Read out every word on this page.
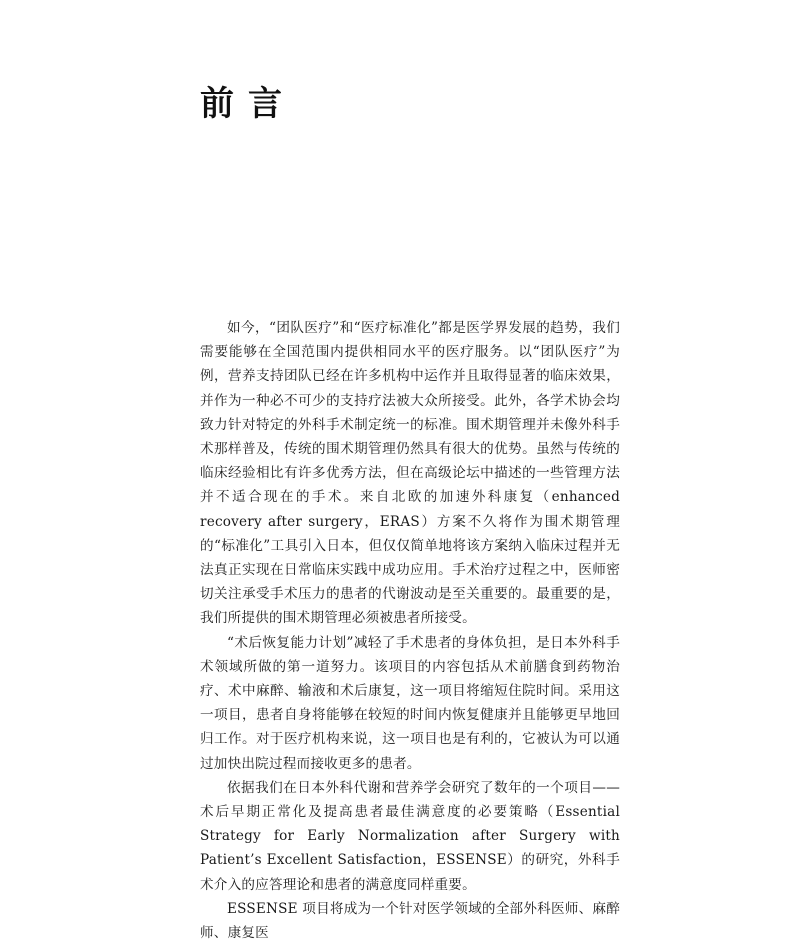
前言

如今，“团队医疗”和“医疗标准化”都是医学界发展的趋势，我们需要能够在全国范围内提供相同水平的医疗服务。以“团队医疗”为例，营养支持团队已经在许多机构中运作并且取得显著的临床效果，并作为一种必不可少的支持疗法被大众所接受。此外，各学术协会均致力针对特定的外科手术制定统一的标准。围术期管理并未像外科手术那样普及，传统的围术期管理仍然具有很大的优势。虽然与传统的临床经验相比有许多优秀方法，但在高级论坛中描述的一些管理方法并不适合现在的手术。来自北欧的加速外科康复（enhanced recovery after surgery，ERAS）方案不久将作为围术期管理的“标准化”工具引入日本，但仅仅简单地将该方案纳入临床过程并无法真正实现在日常临床实践中成功应用。手术治疗过程之中，医师密切关注承受手术压力的患者的代谢波动是至关重要的。最重要的是，我们所提供的围术期管理必须被患者所接受。

“术后恢复能力计划”减轻了手术患者的身体负担，是日本外科手术领域所做的第一道努力。该项目的内容包括从术前膳食到药物治疗、术中麻醉、输液和术后康复，这一项目将缩短住院时间。采用这一项目，患者自身将能够在较短的时间内恢复健康并且能够更早地回归工作。对于医疗机构来说，这一项目也是有利的，它被认为可以通过加快出院过程而接收更多的患者。

依据我们在日本外科代谢和营养学会研究了数年的一个项目——术后早期正常化及提高患者最佳满意度的必要策略（Essential Strategy for Early Normalization after Surgery with Patient’s Excellent Satisfaction，ESSENSE）的研究，外科手术介入的应答理论和患者的满意度同样重要。

ESSENSE 项目将成为一个针对医学领域的全部外科医师、麻醉师、康复医
